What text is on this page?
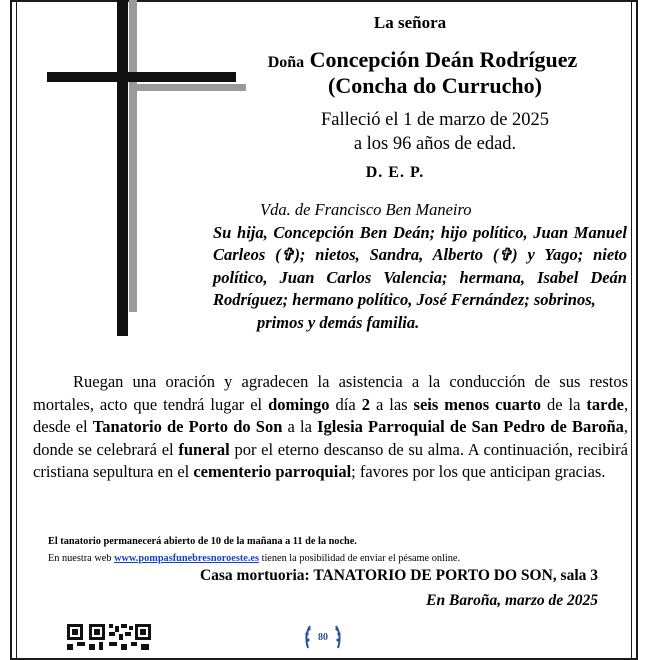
La señora
Doña Concepción Deán Rodríguez
(Concha do Currucho)
Falleció el 1 de marzo de 2025
a los 96 años de edad.
D. E. P.
Vda. de Francisco Ben Maneiro
Su hija, Concepción Ben Deán; hijo político, Juan Manuel Carleos (✞); nietos, Sandra, Alberto (✞) y Yago; nieto político, Juan Carlos Valencia; hermana, Isabel Deán Rodríguez; hermano político, José Fernández; sobrinos,
primos y demás familia.
Ruegan una oración y agradecen la asistencia a la conducción de sus restos mortales, acto que tendrá lugar el domingo día 2 a las seis menos cuarto de la tarde, desde el Tanatorio de Porto do Son a la Iglesia Parroquial de San Pedro de Baroña, donde se celebrará el funeral por el eterno descanso de su alma. A continuación, recibirá cristiana sepultura en el cementerio parroquial; favores por los que anticipan gracias.
El tanatorio permanecerá abierto de 10 de la mañana a 11 de la noche.
En nuestra web www.pompasfunebresnoroeste.es tienen la posibilidad de enviar el pésame online.
Casa mortuoria: TANATORIO DE PORTO DO SON, sala 3
En Baroña, marzo de 2025
80
